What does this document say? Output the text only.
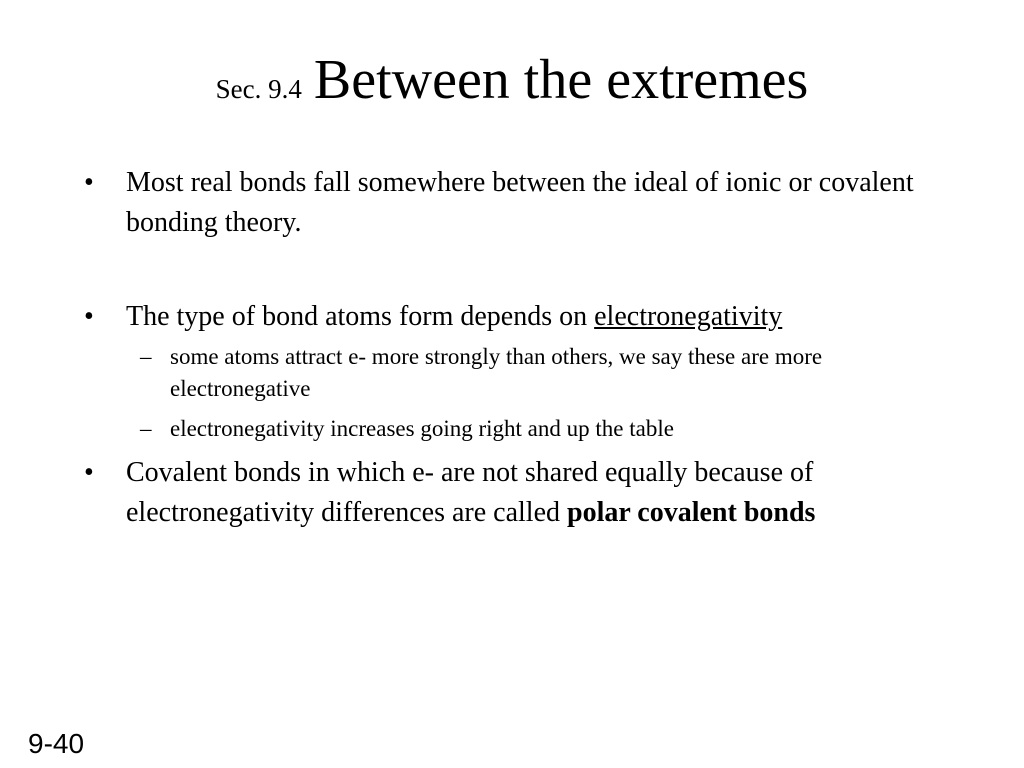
Sec. 9.4 Between the extremes
•	Most real bonds fall somewhere between the ideal of ionic or covalent bonding theory.
•	The type of bond atoms form depends on electronegativity
– some atoms attract e- more strongly than others, we say these are more electronegative
– electronegativity increases going right and up the table
•	Covalent bonds in which e- are not shared equally because of electronegativity differences are called polar covalent bonds
9-40
